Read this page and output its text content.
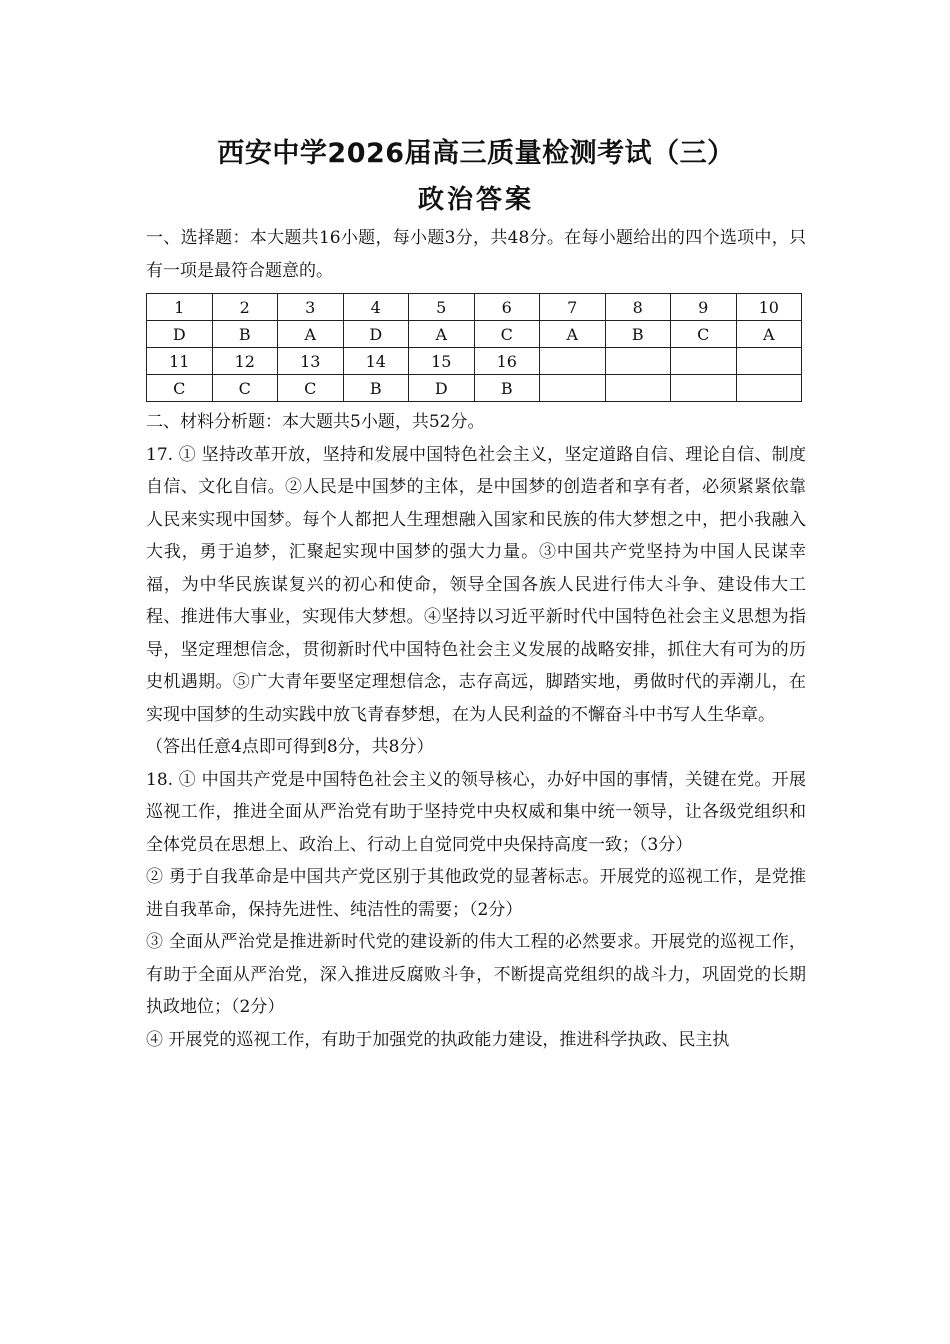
西安中学2026届高三质量检测考试（三）
政治答案

一、选择题：本大题共16小题，每小题3分，共48分。在每小题给出的四个选项中，只有一项是最符合题意的。

1	2	3	4	5	6	7	8	9	10
D	B	A	D	A	C	A	B	C	A
11	12	13	14	15	16				
C	C	C	B	D	B				

二、材料分析题：本大题共5小题，共52分。

17. ① 坚持改革开放，坚持和发展中国特色社会主义，坚定道路自信、理论自信、制度自信、文化自信。②人民是中国梦的主体，是中国梦的创造者和享有者，必须紧紧依靠人民来实现中国梦。每个人都把人生理想融入国家和民族的伟大梦想之中，把小我融入大我，勇于追梦，汇聚起实现中国梦的强大力量。③中国共产党坚持为中国人民谋幸福，为中华民族谋复兴的初心和使命，领导全国各族人民进行伟大斗争、建设伟大工程、推进伟大事业，实现伟大梦想。④坚持以习近平新时代中国特色社会主义思想为指导，坚定理想信念，贯彻新时代中国特色社会主义发展的战略安排，抓住大有可为的历史机遇期。⑤广大青年要坚定理想信念，志存高远，脚踏实地，勇做时代的弄潮儿，在实现中国梦的生动实践中放飞青春梦想，在为人民利益的不懈奋斗中书写人生华章。

（答出任意4点即可得到8分，共8分）

18. ① 中国共产党是中国特色社会主义的领导核心，办好中国的事情，关键在党。开展巡视工作，推进全面从严治党有助于坚持党中央权威和集中统一领导，让各级党组织和全体党员在思想上、政治上、行动上自觉同党中央保持高度一致；（3分）

② 勇于自我革命是中国共产党区别于其他政党的显著标志。开展党的巡视工作，是党推进自我革命，保持先进性、纯洁性的需要；（2分）

③ 全面从严治党是推进新时代党的建设新的伟大工程的必然要求。开展党的巡视工作，有助于全面从严治党，深入推进反腐败斗争，不断提高党组织的战斗力，巩固党的长期执政地位；（2分）

④ 开展党的巡视工作，有助于加强党的执政能力建设，推进科学执政、民主执
